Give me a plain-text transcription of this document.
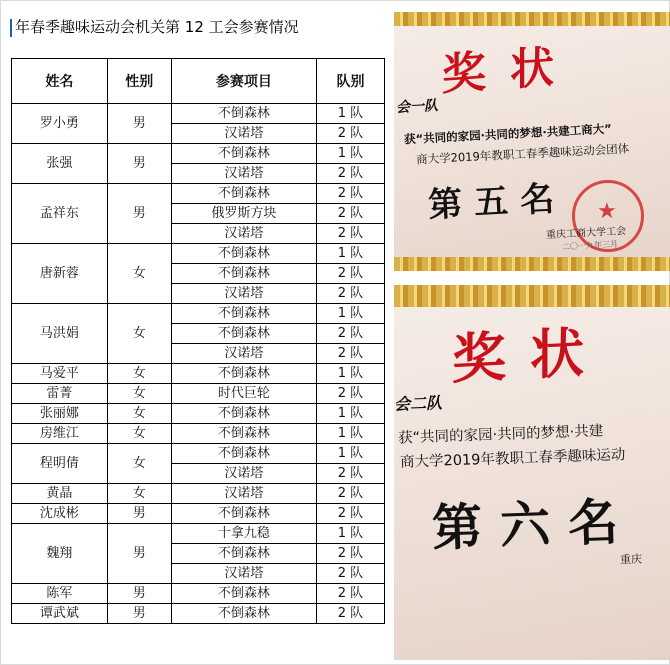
年春季趣味运动会机关第 12 工会参赛情况
姓名	性别	参赛项目	队别
罗小勇	男	不倒森林	1 队
		汉诺塔	2 队
张强	男	不倒森林	1 队
		汉诺塔	2 队
孟祥东	男	不倒森林	2 队
		俄罗斯方块	2 队
		汉诺塔	2 队
唐新蓉	女	不倒森林	1 队
		不倒森林	2 队
		汉诺塔	2 队
马洪娟	女	不倒森林	1 队
		不倒森林	2 队
		汉诺塔	2 队
马爱平	女	不倒森林	1 队
雷菁	女	时代巨轮	2 队
张丽娜	女	不倒森林	1 队
房维江	女	不倒森林	1 队
程明倩	女	不倒森林	1 队
		汉诺塔	2 队
黄晶	女	汉诺塔	2 队
沈成彬	男	不倒森林	2 队
魏翔	男	十拿九稳	1 队
		不倒森林	2 队
		汉诺塔	2 队
陈军	男	不倒森林	2 队
谭武斌	男	不倒森林	2 队
奖状
会一队
获“共同的家园·共同的梦想·共建工商大”
商大学2019年教职工春季趣味运动会团体
第五名 ★
重庆工商大学工会
二〇一九年三月
奖状
会二队
获“共同的家园·共同的梦想·共建
商大学2019年教职工春季趣味运动
第六名
重庆
